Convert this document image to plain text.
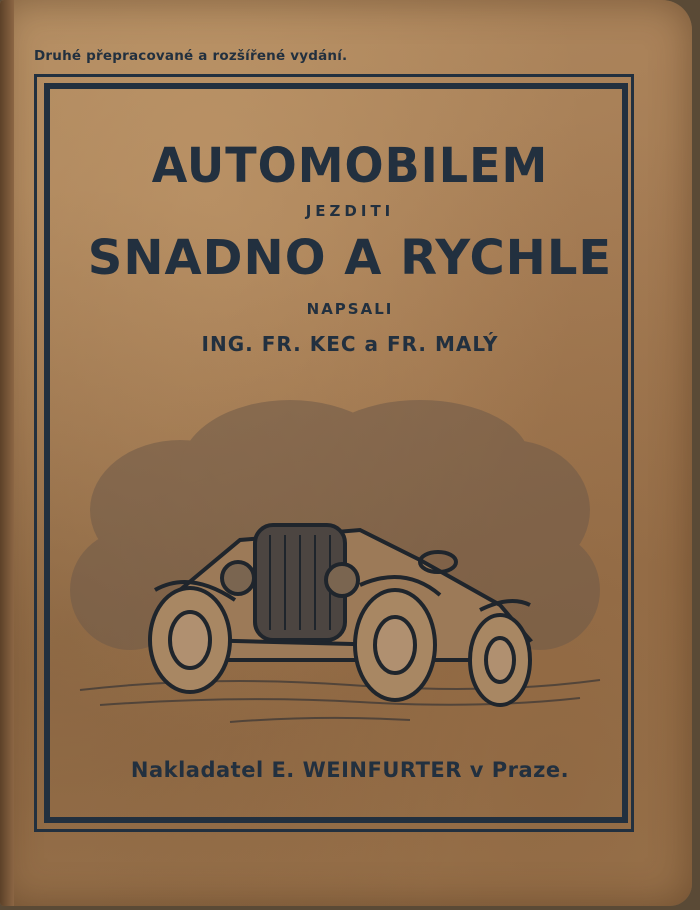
Druhé přepracované a rozšířené vydání.
AUTOMOBILEM
JEZDITI
SNADNO A RYCHLE
NAPSALI
ING. FR. KEC a FR. MALÝ
Nakladatel E. WEINFURTER v Praze.
